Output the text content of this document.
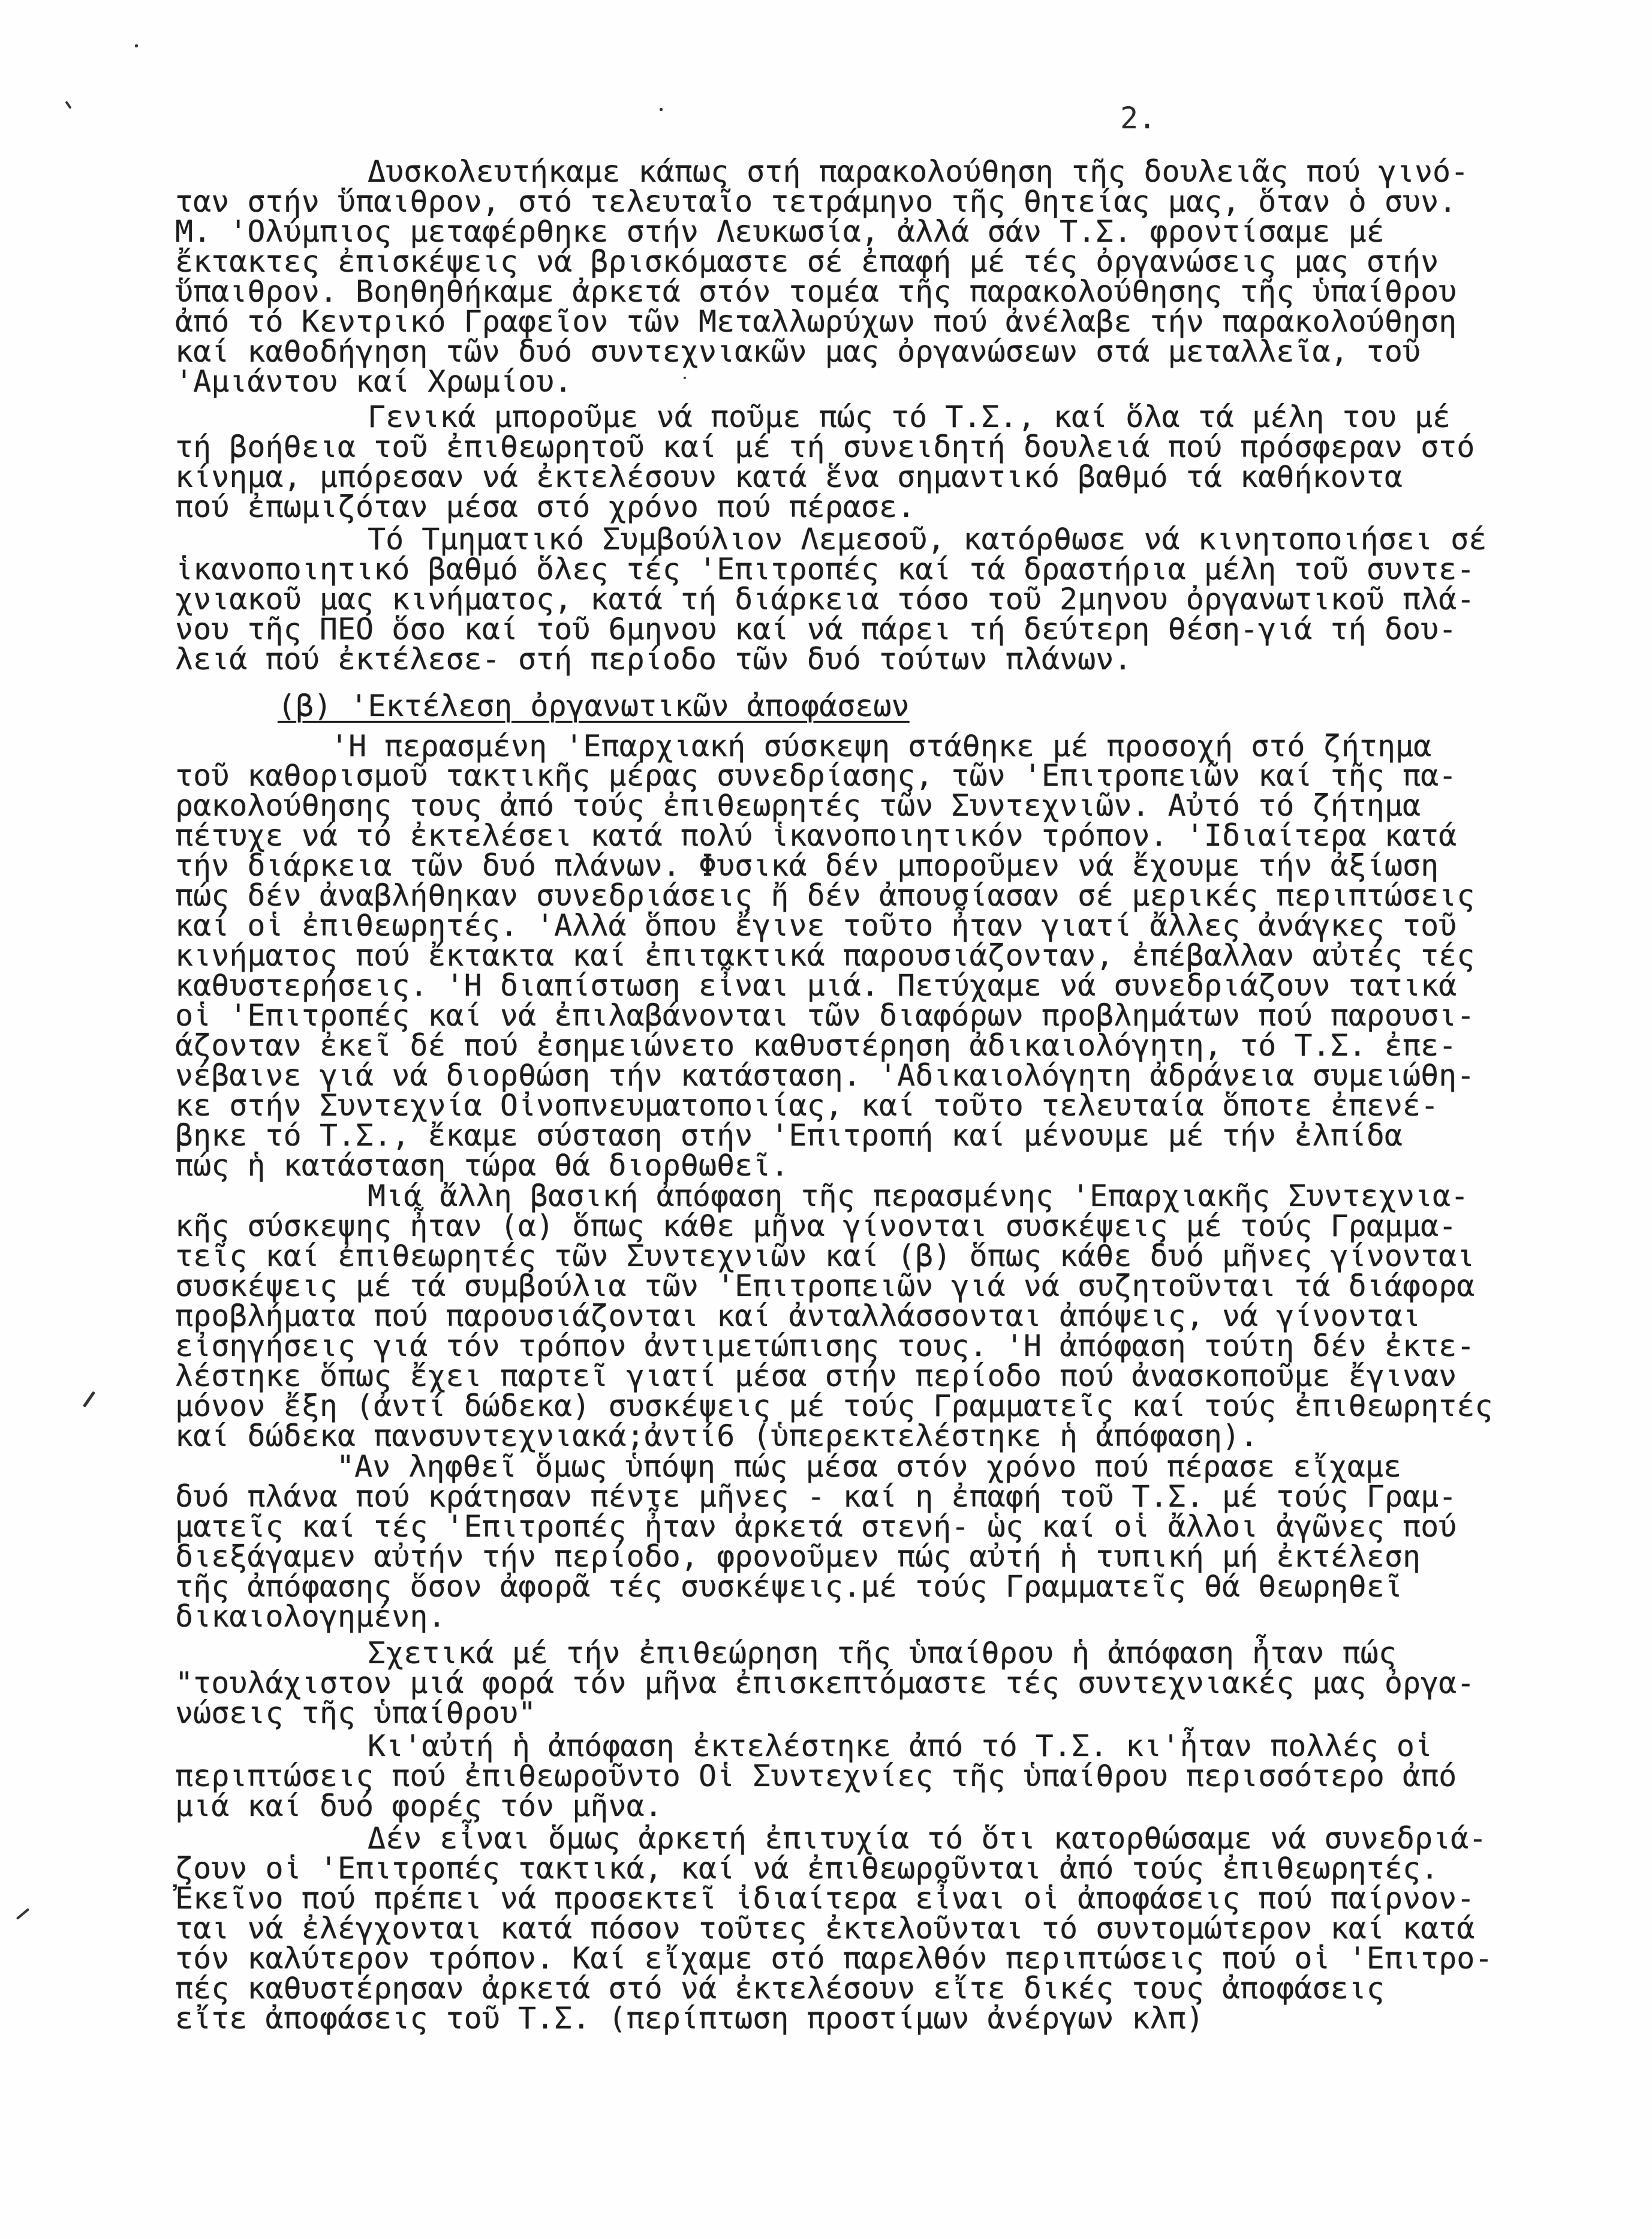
2.
Δυσκολευτήκαμε κάπως στή παρακολούθηση τῆς δουλειᾶς πού γινό-
ταν στήν ὕπαιθρον, στό τελευταῖο τετράμηνο τῆς θητείας μας, ὅταν ὁ συν.
Μ. 'Ολύμπιος μεταφέρθηκε στήν Λευκωσία, ἀλλά σάν Τ.Σ. φροντίσαμε μέ
ἔκτακτες ἐπισκέψεις νά βρισκόμαστε σέ ἐπαφή μέ τές ὀργανώσεις μας στήν
ὕπαιθρον. Βοηθηθήκαμε ἀρκετά στόν τομέα τῆς παρακολούθησης τῆς ὑπαίθρου
ἀπό τό Κεντρικό Γραφεῖον τῶν Μεταλλωρύχων πού ἀνέλαβε τήν παρακολούθηση
καί καθοδήγηση τῶν δυό συντεχνιακῶν μας ὀργανώσεων στά μεταλλεῖα, τοῦ
'Αμιάντου καί Χρωμίου.
Γενικά μποροῦμε νά ποῦμε πώς τό Τ.Σ., καί ὅλα τά μέλη του μέ
τή βοήθεια τοῦ ἐπιθεωρητοῦ καί μέ τή συνειδητή δουλειά πού πρόσφεραν στό
κίνημα, μπόρεσαν νά ἐκτελέσουν κατά ἕνα σημαντικό βαθμό τά καθήκοντα
πού ἐπωμιζόταν μέσα στό χρόνο πού πέρασε.
Τό Τμηματικό Συμβούλιον Λεμεσοῦ, κατόρθωσε νά κινητοποιήσει σέ
ἱκανοποιητικό βαθμό ὅλες τές 'Επιτροπές καί τά δραστήρια μέλη τοῦ συντε-
χνιακοῦ μας κινήματος, κατά τή διάρκεια τόσο τοῦ 2μηνου ὀργανωτικοῦ πλά-
νου τῆς ΠΕΟ ὅσο καί τοῦ 6μηνου καί νά πάρει τή δεύτερη θέση-γιά τή δου-
λειά πού ἐκτέλεσε- στή περίοδο τῶν δυό τούτων πλάνων.
(β) 'Εκτέλεση ὀργανωτικῶν ἀποφάσεων
'Η περασμένη 'Επαρχιακή σύσκεψη στάθηκε μέ προσοχή στό ζήτημα
τοῦ καθορισμοῦ τακτικῆς μέρας συνεδρίασης, τῶν 'Επιτροπειῶν καί τῆς πα-
ρακολούθησης τους ἀπό τούς ἐπιθεωρητές τῶν Συντεχνιῶν. Αὐτό τό ζήτημα
πέτυχε νά τό ἐκτελέσει κατά πολύ ἱκανοποιητικόν τρόπον. 'Ιδιαίτερα κατά
τήν διάρκεια τῶν δυό πλάνων. Φυσικά δέν μποροῦμεν νά ἔχουμε τήν ἀξίωση
πώς δέν ἀναβλήθηκαν συνεδριάσεις ἤ δέν ἀπουσίασαν σέ μερικές περιπτώσεις
καί οἱ ἐπιθεωρητές. 'Αλλά ὅπου ἔγινε τοῦτο ἦταν γιατί ἄλλες ἀνάγκες τοῦ
κινήματος πού ἔκτακτα καί ἐπιτακτικά παρουσιάζονταν, ἐπέβαλλαν αὐτές τές
καθυστερήσεις. 'Η διαπίστωση εἶναι μιά. Πετύχαμε νά συνεδριάζουν τατικά
οἱ 'Επιτροπές καί νά ἐπιλαβάνονται τῶν διαφόρων προβλημάτων πού παρουσι-
άζονταν ἐκεῖ δέ πού ἐσημειώνετο καθυστέρηση ἀδικαιολόγητη, τό Τ.Σ. ἐπε-
νέβαινε γιά νά διορθώση τήν κατάσταση. 'Αδικαιολόγητη ἀδράνεια συμειώθη-
κε στήν Συντεχνία Οἰνοπνευματοποιίας, καί τοῦτο τελευταία ὅποτε ἐπενέ-
βηκε τό Τ.Σ., ἔκαμε σύσταση στήν 'Επιτροπή καί μένουμε μέ τήν ἐλπίδα
πώς ἡ κατάσταση τώρα θά διορθωθεῖ.
Μιά ἄλλη βασική ἀπόφαση τῆς περασμένης 'Επαρχιακῆς Συντεχνια-
κῆς σύσκεψης ἦταν (α) ὅπως κάθε μῆνα γίνονται συσκέψεις μέ τούς Γραμμα-
τεῖς καί ἐπιθεωρητές τῶν Συντεχνιῶν καί (β) ὅπως κάθε δυό μῆνες γίνονται
συσκέψεις μέ τά συμβούλια τῶν 'Επιτροπειῶν γιά νά συζητοῦνται τά διάφορα
προβλήματα πού παρουσιάζονται καί ἀνταλλάσσονται ἀπόψεις, νά γίνονται
εἰσηγήσεις γιά τόν τρόπον ἀντιμετώπισης τους. 'Η ἀπόφαση τούτη δέν ἐκτε-
λέστηκε ὅπως ἔχει παρτεῖ γιατί μέσα στήν περίοδο πού ἀνασκοποῦμε ἔγιναν
μόνον ἔξη (ἀντί δώδεκα) συσκέψεις μέ τούς Γραμματεῖς καί τούς ἐπιθεωρητές
καί δώδεκα πανσυντεχνιακά;ἀντί6 (ὑπερεκτελέστηκε ἡ ἀπόφαση).
"Αν ληφθεῖ ὅμως ὑπόψη πώς μέσα στόν χρόνο πού πέρασε εἴχαμε
δυό πλάνα πού κράτησαν πέντε μῆνες - καί η ἐπαφή τοῦ Τ.Σ. μέ τούς Γραμ-
ματεῖς καί τές 'Επιτροπές ἦταν ἀρκετά στενή- ὡς καί οἱ ἄλλοι ἀγῶνες πού
διεξάγαμεν αὐτήν τήν περίοδο, φρονοῦμεν πώς αὐτή ἡ τυπική μή ἐκτέλεση
τῆς ἀπόφασης ὅσον ἀφορᾶ τές συσκέψεις.μέ τούς Γραμματεῖς θά θεωρηθεῖ
δικαιολογημένη.
Σχετικά μέ τήν ἐπιθεώρηση τῆς ὑπαίθρου ἡ ἀπόφαση ἦταν πώς
"τουλάχιστον μιά φορά τόν μῆνα ἐπισκεπτόμαστε τές συντεχνιακές μας ὀργα-
νώσεις τῆς ὑπαίθρου"
Κι'αὐτή ἡ ἀπόφαση ἐκτελέστηκε ἀπό τό Τ.Σ. κι'ἦταν πολλές οἱ
περιπτώσεις πού ἐπιθεωροῦντο Οἱ Συντεχνίες τῆς ὑπαίθρου περισσότερο ἀπό
μιά καί δυό φορές τόν μῆνα.
Δέν εἶναι ὅμως ἀρκετή ἐπιτυχία τό ὅτι κατορθώσαμε νά συνεδριά-
ζουν οἱ 'Επιτροπές τακτικά, καί νά ἐπιθεωροῦνται ἀπό τούς ἐπιθεωρητές.
Ἐκεῖνο πού πρέπει νά προσεκτεῖ ἰδιαίτερα εἶναι οἱ ἀποφάσεις πού παίρνον-
ται νά ἐλέγχονται κατά πόσον τοῦτες ἐκτελοῦνται τό συντομώτερον καί κατά
τόν καλύτερον τρόπον. Καί εἴχαμε στό παρελθόν περιπτώσεις πού οἱ 'Επιτρο-
πές καθυστέρησαν ἀρκετά στό νά ἐκτελέσουν εἴτε δικές τους ἀποφάσεις
εἴτε ἀποφάσεις τοῦ Τ.Σ. (περίπτωση προστίμων ἀνέργων κλπ)
